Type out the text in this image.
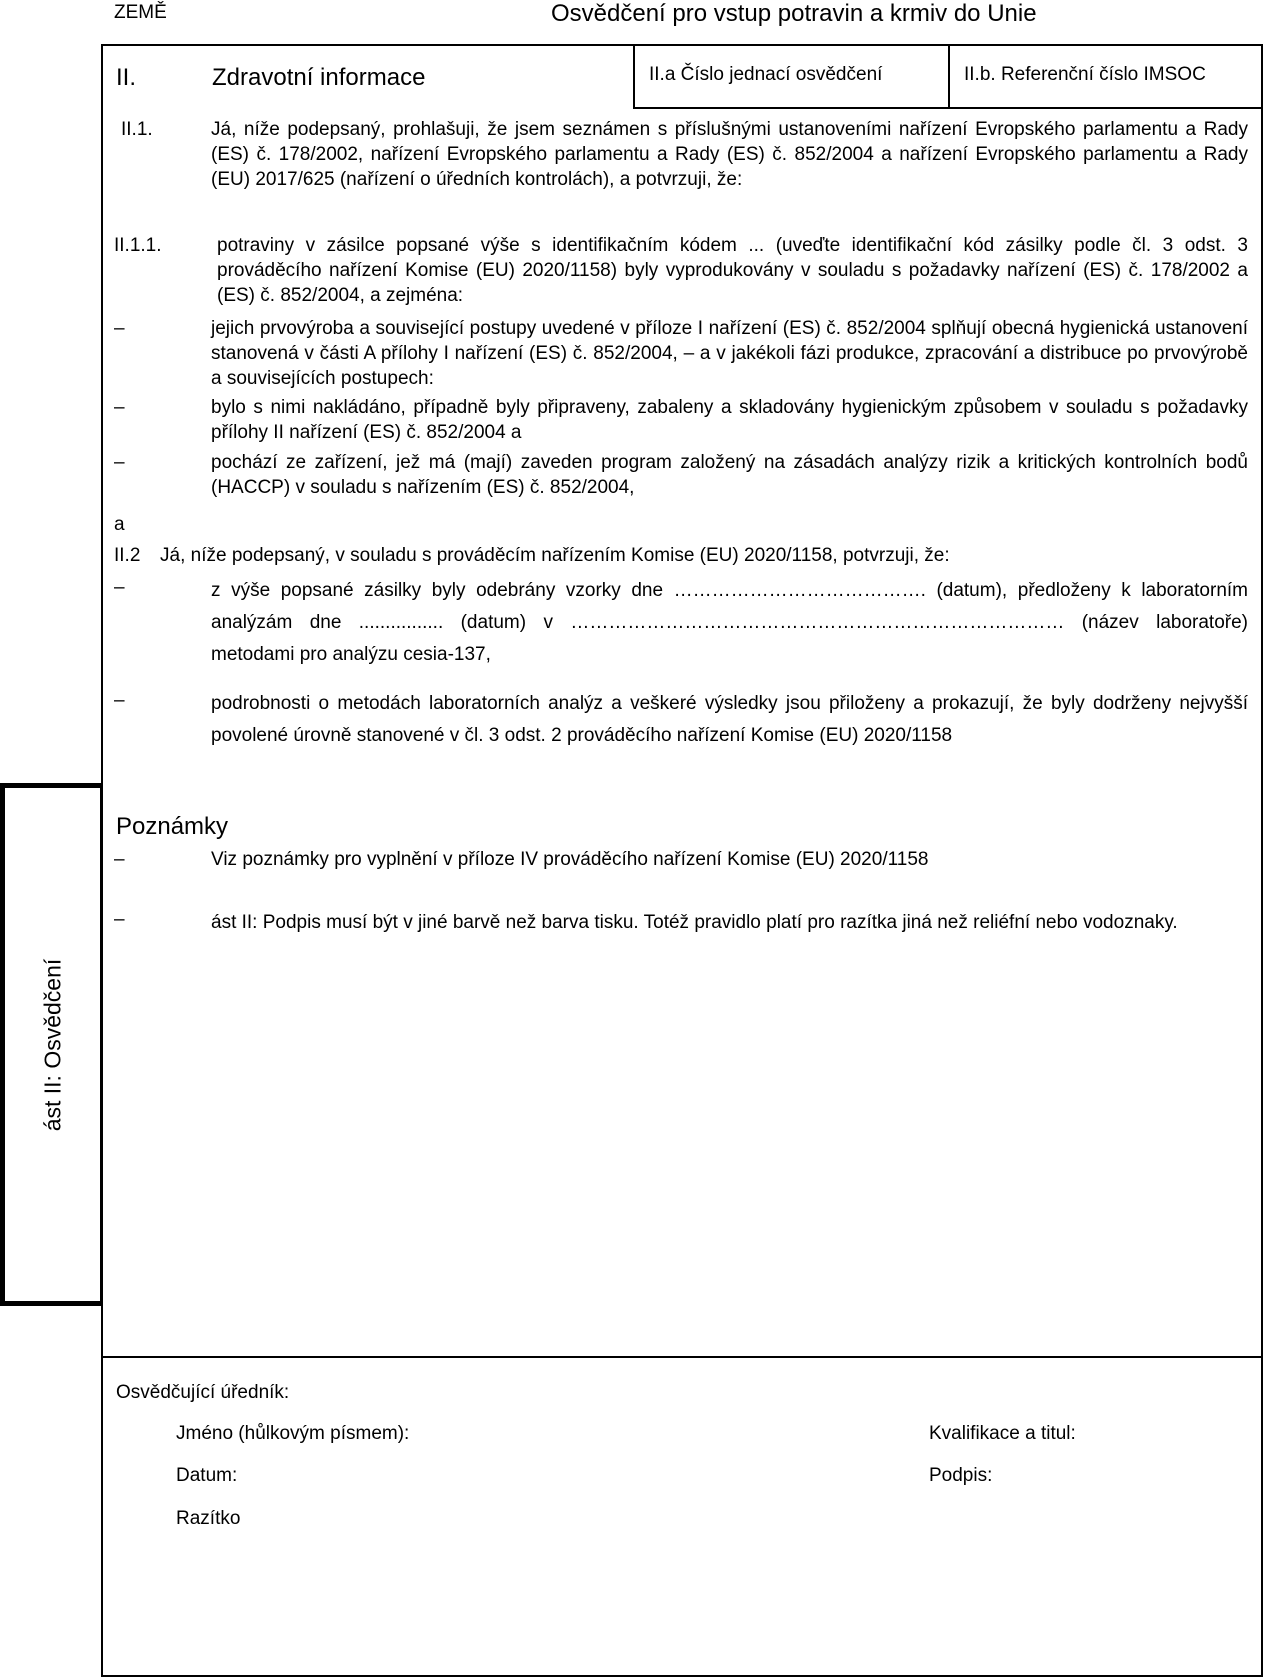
ZEMĚ	Osvědčení pro vstup potravin a krmiv do Unie
II.a Číslo jednací osvědčení	II.b. Referenční číslo IMSOC
II.	Zdravotní informace
II.1.	Já, níže podepsaný, prohlašuji, že jsem seznámen s příslušnými ustanoveními nařízení Evropského parlamentu a Rady (ES) č. 178/2002, nařízení Evropského parlamentu a Rady (ES) č. 852/2004 a nařízení Evropského parlamentu a Rady (EU) 2017/625 (nařízení o úředních kontrolách), a potvrzuji, že:
II.1.1.	potraviny v zásilce popsané výše s identifikačním kódem ... (uveďte identifikační kód zásilky podle čl. 3 odst. 3 prováděcího nařízení Komise (EU) 2020/1158) byly vyprodukovány v souladu s požadavky nařízení (ES) č. 178/2002 a (ES) č. 852/2004, a zejména:
–	jejich prvovýroba a související postupy uvedené v příloze I nařízení (ES) č. 852/2004 splňují obecná hygienická ustanovení stanovená v části A přílohy I nařízení (ES) č. 852/2004, – a v jakékoli fázi produkce, zpracování a distribuce po prvovýrobě a souvisejících postupech:
–	bylo s nimi nakládáno, případně byly připraveny, zabaleny a skladovány hygienickým způsobem v souladu s požadavky přílohy II nařízení (ES) č. 852/2004 a
–	pochází ze zařízení, jež má (mají) zaveden program založený na zásadách analýzy rizik a kritických kontrolních bodů (HACCP) v souladu s nařízením (ES) č. 852/2004,
a
II.2 Já, níže podepsaný, v souladu s prováděcím nařízením Komise (EU) 2020/1158, potvrzuji, že:
–	z výše popsané zásilky byly odebrány vzorky dne …………………………………. (datum), předloženy k laboratorním analýzám dne ................ (datum) v …………………………………………………………………… (název laboratoře) metodami pro analýzu cesia-137,
–	podrobnosti o metodách laboratorních analýz a veškeré výsledky jsou přiloženy a prokazují, že byly dodrženy nejvyšší povolené úrovně stanovené v čl. 3 odst. 2 prováděcího nařízení Komise (EU) 2020/1158
Poznámky
–	Viz poznámky pro vyplnění v příloze IV prováděcího nařízení Komise (EU) 2020/1158
–	ást II: Podpis musí být v jiné barvě než barva tisku. Totéž pravidlo platí pro razítka jiná než reliéfní nebo vodoznaky.
ást II: Osvědčení
Osvědčující úředník:
Jméno (hůlkovým písmem):	Kvalifikace a titul:
Datum:	Podpis:
Razítko
